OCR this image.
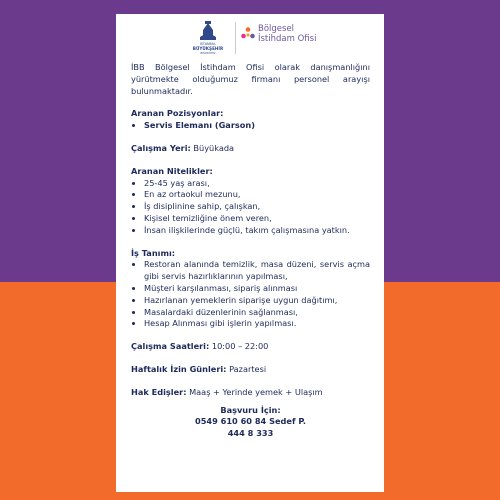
İSTANBUL
BÜYÜKŞEHİR
BELEDİYESİ
Bölgesel
İstihdam Ofisi

İBB Bölgesel İstihdam Ofisi olarak danışmanlığını yürütmekte olduğumuz firmanı personel arayışı bulunmaktadır.

Aranan Pozisyonlar:
• Servis Elemanı (Garson)
Çalışma Yeri: Büyükada
Aranan Nitelikler:
• 25-45 yaş arası,
• En az ortaokul mezunu,
• İş disiplinine sahip, çalışkan,
• Kişisel temizliğine önem veren,
• İnsan ilişkilerinde güçlü, takım çalışmasına yatkın.
İş Tanımı:
• Restoran alanında temizlik, masa düzeni, servis açma gibi servis hazırlıklarının yapılması,
• Müşteri karşılanması, sipariş alınması
• Hazırlanan yemeklerin siparişe uygun dağıtımı,
• Masalardaki düzenlerinin sağlanması,
• Hesap Alınması gibi işlerin yapılması.
Çalışma Saatleri: 10:00 – 22:00
Haftalık İzin Günleri: Pazartesi
Hak Edişler: Maaş + Yerinde yemek + Ulaşım
Başvuru İçin:
0549 610 60 84 Sedef P.
444 8 333
